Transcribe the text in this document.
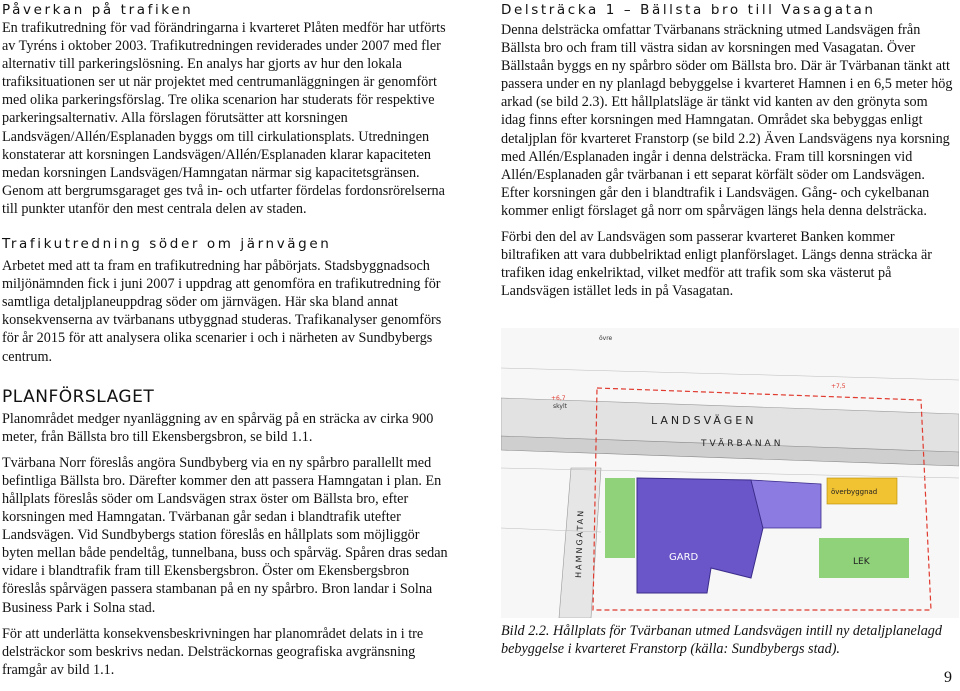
Påverkan på trafiken

En trafikutredning för vad förändringarna i kvarteret Plåten medför har utförts av Tyréns i oktober 2003. Trafikutredningen reviderades under 2007 med fler alternativ till parkeringslösning. En analys har gjorts av hur den lokala trafiksituationen ser ut när projektet med centrumanläggningen är genomfört med olika parkeringsförslag. Tre olika scenarion har studerats för respektive parkeringsalternativ. Alla förslagen förutsätter att korsningen Landsvägen/Allén/Esplanaden byggs om till cirkulationsplats. Utredningen konstaterar att korsningen Landsvägen/Allén/Esplanaden klarar kapaciteten medan korsningen Landsvägen/Hamngatan närmar sig kapacitetsgränsen. Genom att bergrumsgaraget ges två in- och utfarter fördelas fordonsrörelserna till punkter utanför den mest centrala delen av staden.

Trafikutredning söder om järnvägen

Arbetet med att ta fram en trafikutredning har påbörjats. Stadsbyggnadsoch miljönämnden fick i juni 2007 i uppdrag att genomföra en trafikutredning för samtliga detaljplaneuppdrag söder om järnvägen. Här ska bland annat konsekvenserna av tvärbanans utbyggnad studeras. Trafikanalyser genomförs för år 2015 för att analysera olika scenarier i och i närheten av Sundbybergs centrum.

PLANFÖRSLAGET

Planområdet medger nyanläggning av en spårväg på en sträcka av cirka 900 meter, från Bällsta bro till Ekensbergsbron, se bild 1.1.

Tvärbana Norr föreslås angöra Sundbyberg via en ny spårbro parallellt med befintliga Bällsta bro. Därefter kommer den att passera Hamngatan i plan. En hållplats föreslås söder om Landsvägen strax öster om Bällsta bro, efter korsningen med Hamngatan. Tvärbanan går sedan i blandtrafik utefter Landsvägen. Vid Sundbybergs station föreslås en hållplats som möjliggör byten mellan både pendeltåg, tunnelbana, buss och spårväg. Spåren dras sedan vidare i blandtrafik fram till Ekensbergsbron. Öster om Ekensbergsbron föreslås spårvägen passera stambanan på en ny spårbro. Bron landar i Solna Business Park i Solna stad.

För att underlätta konsekvensbeskrivningen har planområdet delats in i tre delsträckor som beskrivs nedan. Delsträckornas geografiska avgränsning framgår av bild 1.1.

Delsträcka 1 – Bällsta bro till Vasagatan

Denna delsträcka omfattar Tvärbanans sträckning utmed Landsvägen från Bällsta bro och fram till västra sidan av korsningen med Vasagatan. Över Bällstaån byggs en ny spårbro söder om Bällsta bro. Där är Tvärbanan tänkt att passera under en ny planlagd bebyggelse i kvarteret Hamnen i en 6,5 meter hög arkad (se bild 2.3). Ett hållplatsläge är tänkt vid kanten av den grönyta som idag finns efter korsningen med Hamngatan. Området ska bebyggas enligt detaljplan för kvarteret Franstorp (se bild 2.2) Även Landsvägens nya korsning med Allén/Esplanaden ingår i denna delsträcka. Fram till korsningen vid Allén/Esplanaden går tvärbanan i ett separat körfält söder om Landsvägen. Efter korsningen går den i blandtrafik i Landsvägen. Gång- och cykelbanan kommer enligt förslaget gå norr om spårvägen längs hela denna delsträcka.

Förbi den del av Landsvägen som passerar kvarteret Banken kommer biltrafiken att vara dubbelriktad enligt planförslaget. Längs denna sträcka är trafiken idag enkelriktad, vilket medför att trafik som ska västerut på Landsvägen istället leds in på Vasagatan.

LANDSVÄGEN
TVÄRBANAN
HAMNGATAN	GARD	LEK
överbyggnad
övre
skylt
+6,7
+7,5

Bild 2.2. Hållplats för Tvärbanan utmed Landsvägen intill ny detaljplanelagd bebyggelse i kvarteret Franstorp (källa: Sundbybergs stad).

9
